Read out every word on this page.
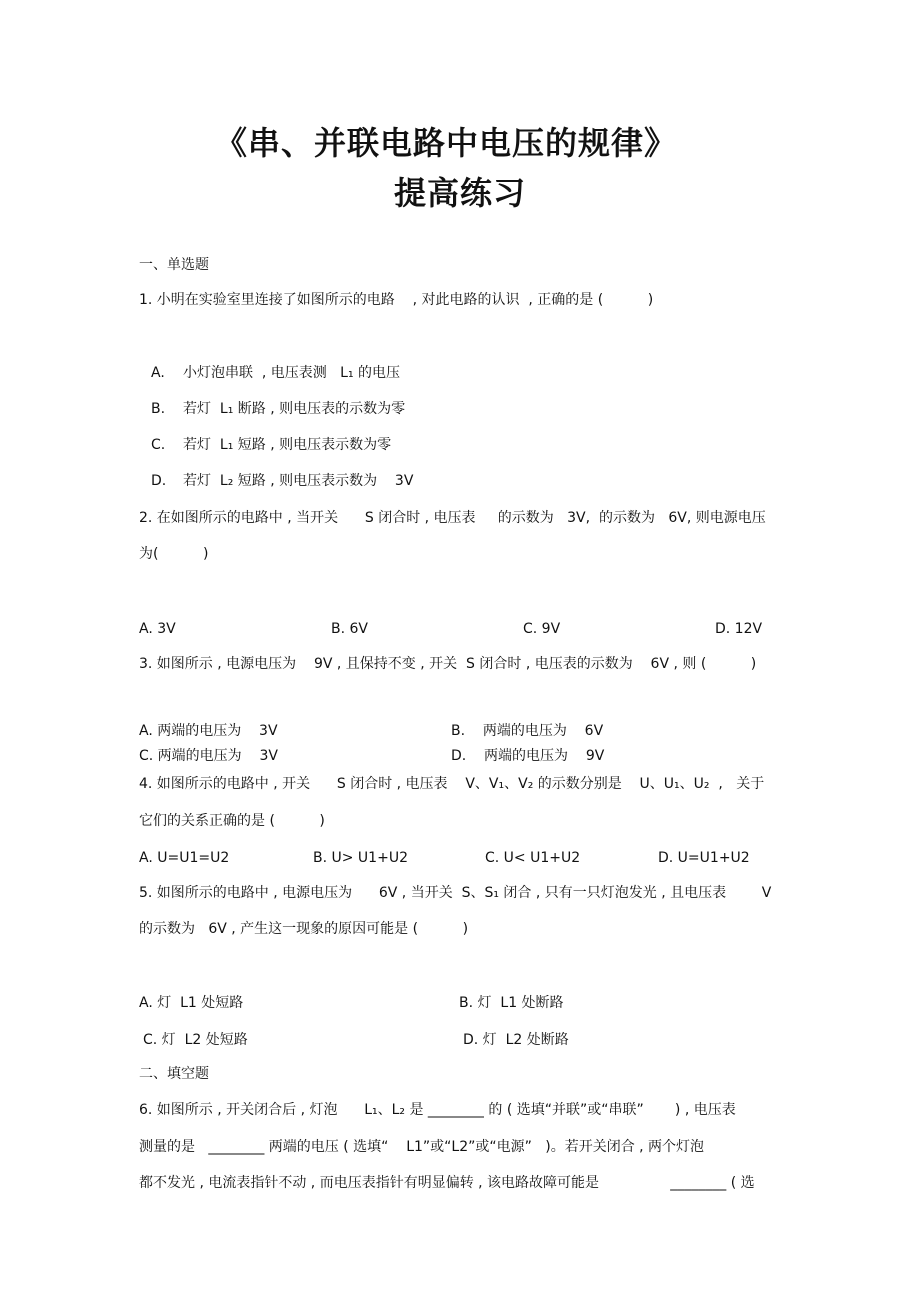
《串、并联电路中电压的规律》
提高练习
一、单选题
1. 小明在实验室里连接了如图所示的电路    , 对此电路的认识  , 正确的是 (          )
A. 小灯泡串联  , 电压表测   L₁ 的电压
B. 若灯  L₁ 断路 , 则电压表的示数为零
C. 若灯  L₁ 短路 , 则电压表示数为零
D. 若灯  L₂ 短路 , 则电压表示数为    3V
2. 在如图所示的电路中 , 当开关      S 闭合时 , 电压表     的示数为   3V,  的示数为   6V, 则电源电压
为(          )
A. 3V	B. 6V	C. 9V	D. 12V
3. 如图所示 , 电源电压为    9V , 且保持不变 , 开关  S 闭合时 , 电压表的示数为    6V , 则 (          )
A. 两端的电压为    3V	B.    两端的电压为    6V
C. 两端的电压为    3V	D.    两端的电压为    9V
4. 如图所示的电路中 , 开关      S 闭合时 , 电压表    V、V₁、V₂ 的示数分别是    U、U₁、U₂  ,   关于
它们的关系正确的是 (          )
A. U=U1=U2	B. U> U1+U2	C. U< U1+U2	D. U=U1+U2
5. 如图所示的电路中 , 电源电压为      6V , 当开关  S、S₁ 闭合 , 只有一只灯泡发光 , 且电压表        V
的示数为   6V , 产生这一现象的原因可能是 (          )
A. 灯  L1 处短路	B. 灯  L1 处断路
C. 灯  L2 处短路	D. 灯  L2 处断路
二、填空题
6. 如图所示 , 开关闭合后 , 灯泡      L₁、L₂ 是 ________ 的 ( 选填“并联”或“串联”       ) , 电压表
测量的是   ________ 两端的电压 ( 选填“    L1”或“L2”或“电源”   )。若开关闭合 , 两个灯泡
都不发光 , 电流表指针不动 , 而电压表指针有明显偏转 , 该电路故障可能是                ________ ( 选
